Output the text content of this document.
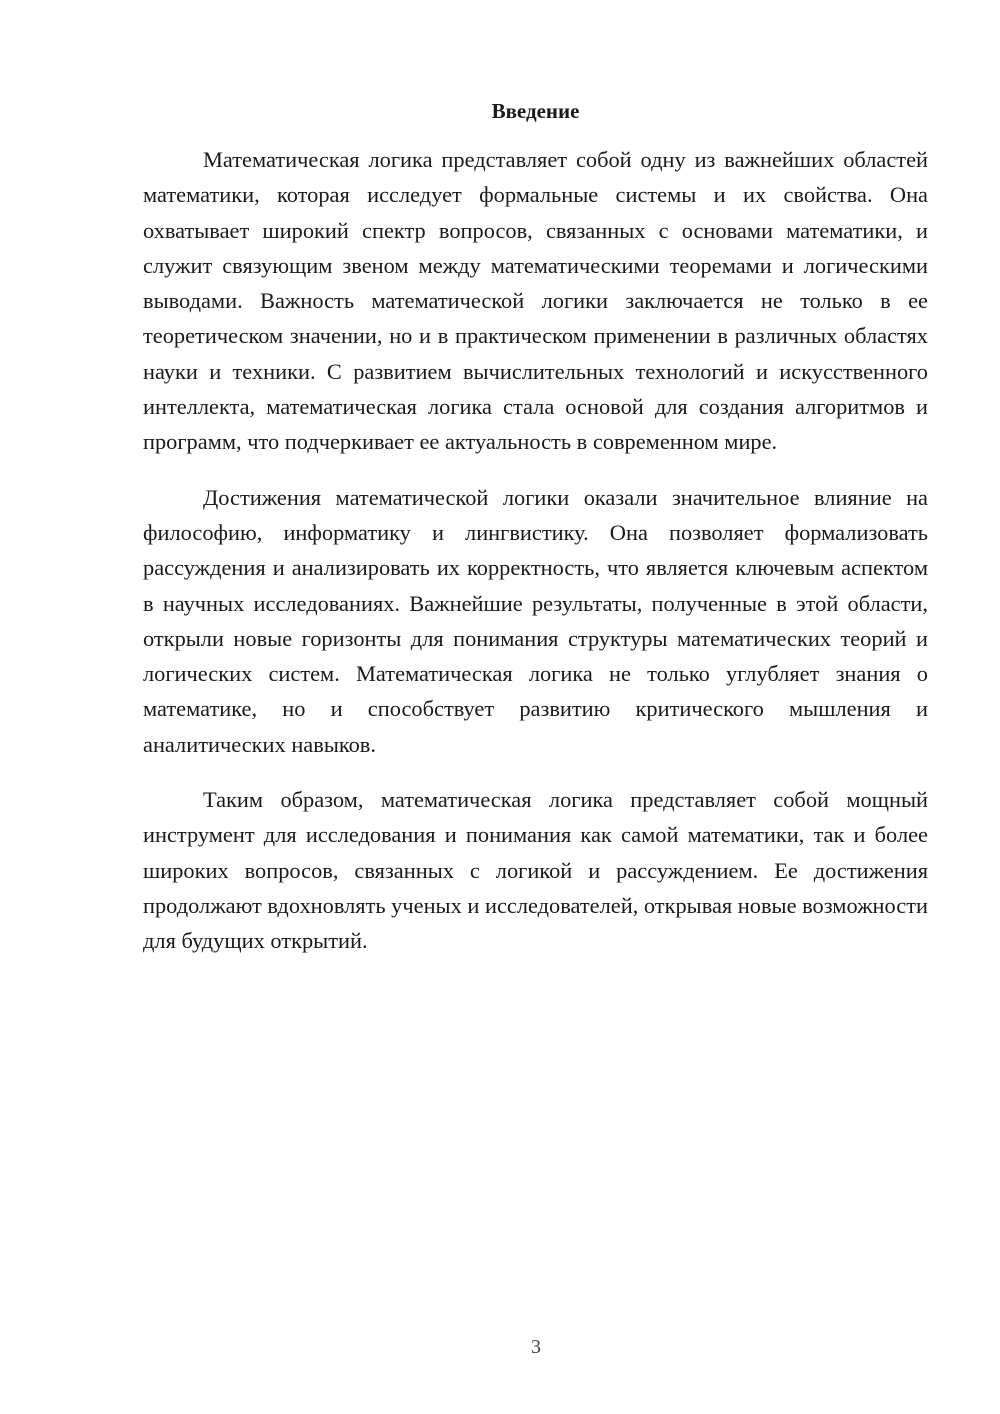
Введение

Математическая логика представляет собой одну из важнейших областей математики, которая исследует формальные системы и их свойства. Она охватывает широкий спектр вопросов, связанных с основами математики, и служит связующим звеном между математическими теоремами и логическими выводами. Важность математической логики заключается не только в ее теоретическом значении, но и в практическом применении в различных областях науки и техники. С развитием вычислительных технологий и искусственного интеллекта, математическая логика стала основой для создания алгоритмов и программ, что подчеркивает ее актуальность в современном мире.

Достижения математической логики оказали значительное влияние на философию, информатику и лингвистику. Она позволяет формализовать рассуждения и анализировать их корректность, что является ключевым аспектом в научных исследованиях. Важнейшие результаты, полученные в этой области, открыли новые горизонты для понимания структуры математических теорий и логических систем. Математическая логика не только углубляет знания о математике, но и способствует развитию критического мышления и аналитических навыков.

Таким образом, математическая логика представляет собой мощный инструмент для исследования и понимания как самой математики, так и более широких вопросов, связанных с логикой и рассуждением. Ее достижения продолжают вдохновлять ученых и исследователей, открывая новые возможности для будущих открытий.

3
